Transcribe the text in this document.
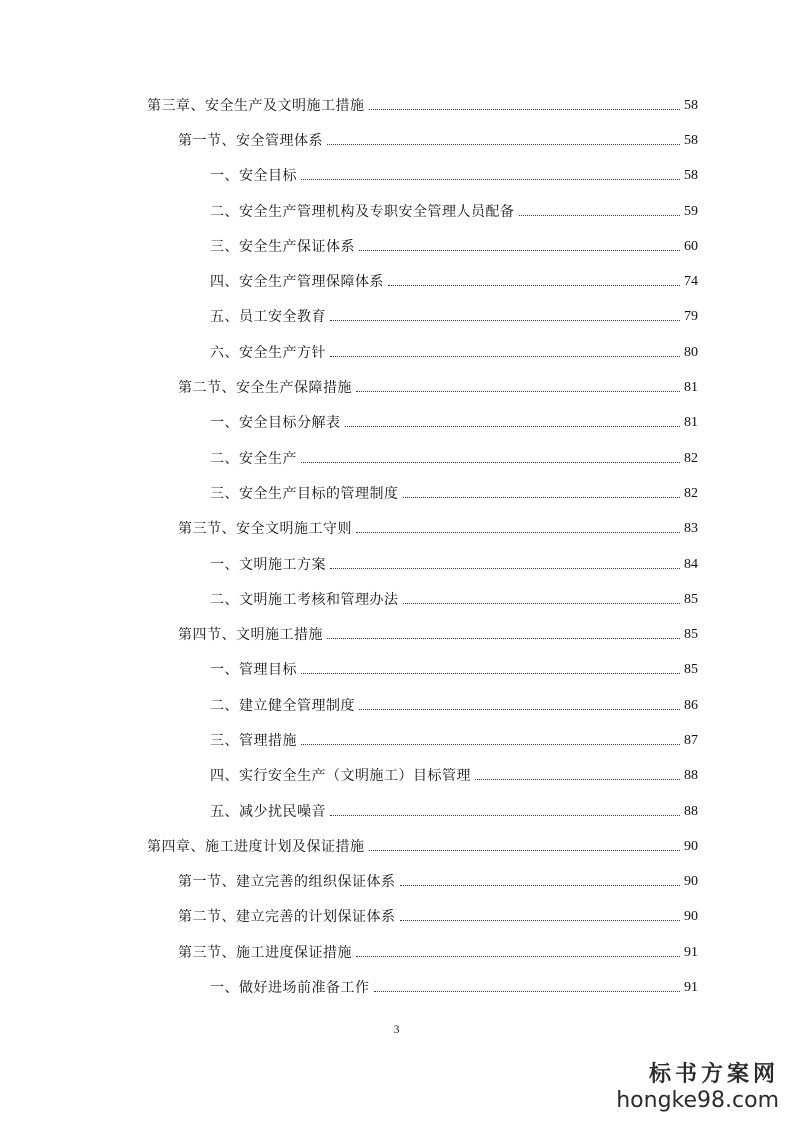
第三章、安全生产及文明施工措施	58
第一节、安全管理体系	58
一、安全目标	58
二、安全生产管理机构及专职安全管理人员配备	59
三、安全生产保证体系	60
四、安全生产管理保障体系	74
五、员工安全教育	79
六、安全生产方针	80
第二节、安全生产保障措施	81
一、安全目标分解表	81
二、安全生产	82
三、安全生产目标的管理制度	82
第三节、安全文明施工守则	83
一、文明施工方案	84
二、文明施工考核和管理办法	85
第四节、文明施工措施	85
一、管理目标	85
二、建立健全管理制度	86
三、管理措施	87
四、实行安全生产（文明施工）目标管理	88
五、减少扰民噪音	88
第四章、施工进度计划及保证措施	90
第一节、建立完善的组织保证体系	90
第二节、建立完善的计划保证体系	90
第三节、施工进度保证措施	91
一、做好进场前准备工作	91
3
标书方案网
hongke98.com
